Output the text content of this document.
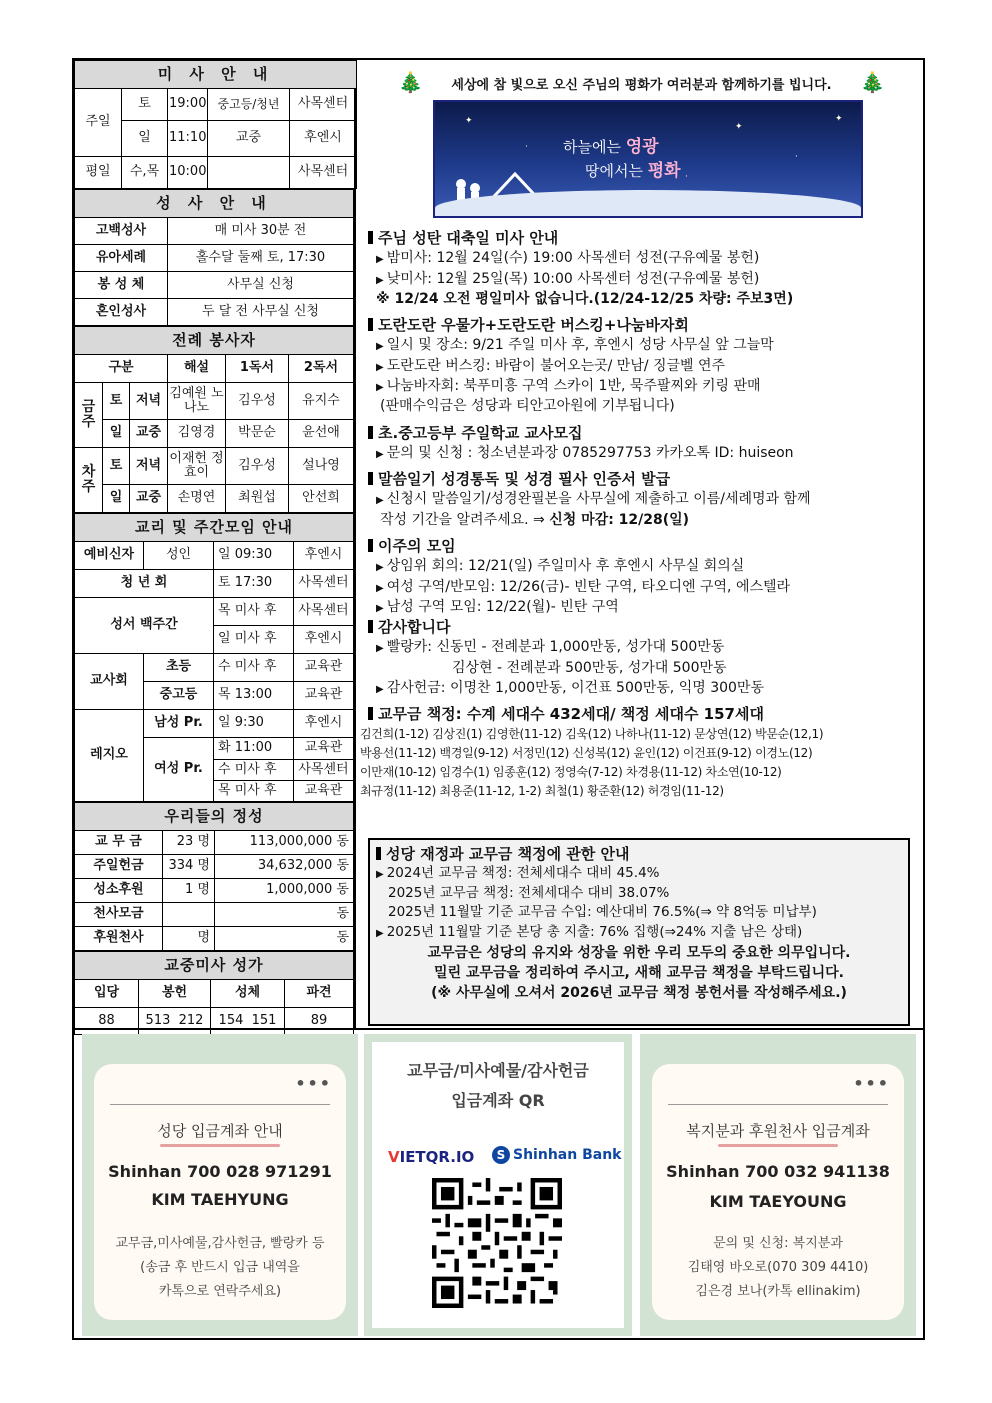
미 사 안 내				
주일	토	19:00	중고등/청년	사목센터
	일	11:10	교중	후엔시
평일	수,목	10:00		사목센터
성 사 안 내	
고백성사	매 미사 30분 전
유아세례	홀수달 둘째 토, 17:30
봉 성 체	사무실 신청
혼인성사	두 달 전 사무실 신청
전례 봉사자					
구분			해설	1독서	2독서
금주	토	저녁	김예원 노나노	김우성	유지수
	일	교중	김영경	박문순	윤선애
차주	토	저녁	이재헌 정효이	김우성	설나영
	일	교중	손명연	최원섭	안선희
교리 및 주간모임 안내			
예비신자	성인	일 09:30	후엔시
청 년 회		토 17:30	사목센터
성서 백주간		목 미사 후	사목센터
		일 미사 후	후엔시
교사회	초등	수 미사 후	교육관
	중고등	목 13:00	교육관
레지오	남성 Pr.	일 9:30	후엔시
	여성 Pr.	화 11:00	교육관
		수 미사 후	사목센터
		목 미사 후	교육관
우리들의 정성		
교 무 금	23 명	113,000,000 동
주일헌금	334 명	34,632,000 동
성소후원	1 명	1,000,000 동
천사모금		동
후원천사	명	동
교중미사 성가			
입당	봉헌	성체	파견
88	513  212	154  151	89
🎄	세상에 참 빛으로 오신 주님의 평화가 여러분과 함께하기를 빕니다.	🎄
✦
·
✦
·
✦
·
하늘에는 영광
땅에서는 평화
주님 성탄 대축일 미사 안내
▶ 밤미사: 12월 24일(수) 19:00 사목센터 성전(구유예물 봉헌)
▶ 낮미사: 12월 25일(목) 10:00 사목센터 성전(구유예물 봉헌)
※ 12/24 오전 평일미사 없습니다.(12/24-12/25 차량: 주보3면)
도란도란 우물가+도란도란 버스킹+나눔바자회
▶ 일시 및 장소: 9/21 주일 미사 후, 후엔시 성당 사무실 앞 그늘막
▶ 도란도란 버스킹: 바람이 불어오는곳/ 만남/ 징글벨 연주
▶ 나눔바자회: 북푸미흥 구역 스카이 1반, 묵주팔찌와 키링 판매
(판매수익금은 성당과 티안고아원에 기부됩니다)
초.중고등부 주일학교 교사모집
▶ 문의 및 신청 : 청소년분과장 0785297753 카카오톡 ID: huiseon
말씀일기 성경통독 및 성경 필사 인증서 발급
▶ 신청시 말씀일기/성경완필본을 사무실에 제출하고 이름/세례명과 함께
작성 기간을 알려주세요. ⇒ 신청 마감: 12/28(일)
이주의 모임
▶ 상임위 회의: 12/21(일) 주일미사 후 후엔시 사무실 회의실
▶ 여성 구역/반모임: 12/26(금)- 빈탄 구역, 타오디엔 구역, 에스텔라
▶ 남성 구역 모임: 12/22(월)- 빈탄 구역
감사합니다
▶ 빨랑카: 신동민 - 전례분과 1,000만동, 성가대 500만동
김상현 - 전례분과 500만동, 성가대 500만동
▶ 감사헌금: 이명찬 1,000만동, 이건표 500만동, 익명 300만동
교무금 책정: 수계 세대수 432세대/ 책정 세대수 157세대
김건희(1-12) 김상진(1) 김영한(11-12) 김욱(12) 나하나(11-12) 문상연(12) 박문순(12,1)
박용선(11-12) 백경일(9-12) 서정민(12) 신성복(12) 윤인(12) 이건표(9-12) 이경노(12)
이만재(10-12) 임경수(1) 임종훈(12) 정영숙(7-12) 차경용(11-12) 차소연(10-12)
최규정(11-12) 최용준(11-12, 1-2) 최철(1) 황준환(12) 허경임(11-12)
성당 재정과 교무금 책정에 관한 안내
▶ 2024년 교무금 책정: 전체세대수 대비 45.4%
2025년 교무금 책정: 전체세대수 대비 38.07%
2025년 11월말 기준 교무금 수입: 예산대비 76.5%(⇒ 약 8억동 미납부)
▶ 2025년 11월말 기준 본당 총 지출: 76% 집행(⇒24% 지출 남은 상태)
교무금은 성당의 유지와 성장을 위한 우리 모두의 중요한 의무입니다.
밀린 교무금을 정리하여 주시고, 새해 교무금 책정을 부탁드립니다.
(※ 사무실에 오셔서 2026년 교무금 책정 봉헌서를 작성해주세요.)
•••
성당 입금계좌 안내
Shinhan 700 028 971291
KIM TAEHYUNG
교무금,미사예물,감사헌금, 빨랑카 등
(송금 후 반드시 입금 내역을
카톡으로 연락주세요)
교무금/미사예물/감사헌금
입금계좌 QR
VIETQR.IO	S Shinhan Bank
•••
복지분과 후원천사 입금계좌
Shinhan 700 032 941138
KIM TAEYOUNG
문의 및 신청: 복지분과
김태영 바오로(070 309 4410)
김은경 보나(카톡 ellinakim)
